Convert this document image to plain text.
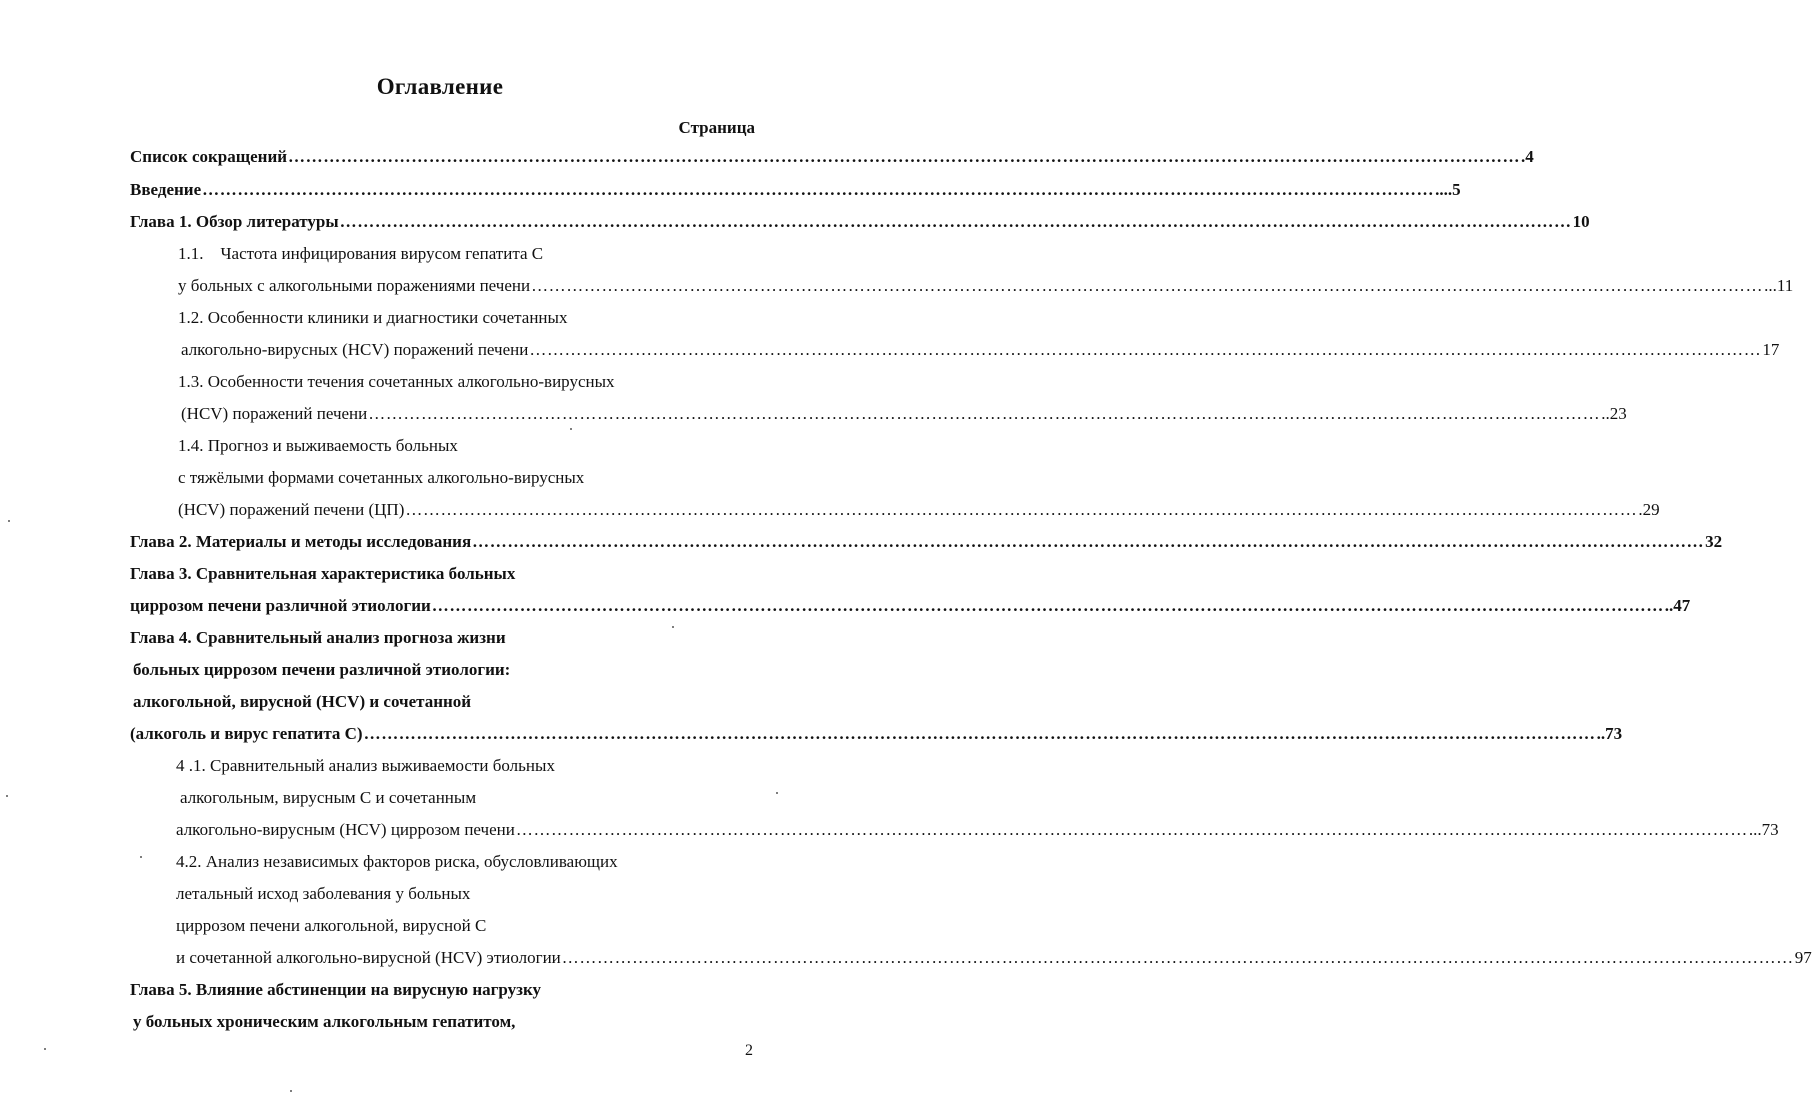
Оглавление
Страница
Список сокращений ………………………………………………………………………………………………………………………………………………………………………………………… .4
Введение ………………………………………………………………………………………………………………………………………………………………………………………… ....5
Глава 1. Обзор литературы ………………………………………………………………………………………………………………………………………………………………………………………… 10
1.1.    Частота инфицирования вирусом гепатита С
у больных с алкогольными поражениями печени ………………………………………………………………………………………………………………………………………………………………………………………… ...11
1.2. Особенности клиники и диагностики сочетанных
алкогольно-вирусных (HCV) поражений печени ………………………………………………………………………………………………………………………………………………………………………………………… 17
1.3. Особенности течения сочетанных алкогольно-вирусных
(HCV) поражений печени ………………………………………………………………………………………………………………………………………………………………………………………… ..23
1.4. Прогноз и выживаемость больных
с тяжёлыми формами сочетанных алкогольно-вирусных
(HCV) поражений печени (ЦП) ………………………………………………………………………………………………………………………………………………………………………………………… .29
Глава 2. Материалы и методы исследования ………………………………………………………………………………………………………………………………………………………………………………………… 32
Глава 3. Сравнительная характеристика больных
циррозом печени различной этиологии ………………………………………………………………………………………………………………………………………………………………………………………… ..47
Глава 4. Сравнительный анализ прогноза жизни
больных циррозом печени различной этиологии:
алкогольной, вирусной (HCV) и сочетанной
(алкоголь и вирус гепатита С) ………………………………………………………………………………………………………………………………………………………………………………………… ..73
4 .1. Сравнительный анализ выживаемости больных
алкогольным, вирусным С и сочетанным
алкогольно-вирусным (HCV) циррозом печени ………………………………………………………………………………………………………………………………………………………………………………………… ...73
4.2. Анализ независимых факторов риска, обусловливающих
летальный исход заболевания у больных
циррозом печени алкогольной, вирусной С
и сочетанной алкогольно-вирусной (HCV) этиологии ………………………………………………………………………………………………………………………………………………………………………………………… 97
Глава 5. Влияние абстиненции на вирусную нагрузку
у больных хроническим алкогольным гепатитом,
2
